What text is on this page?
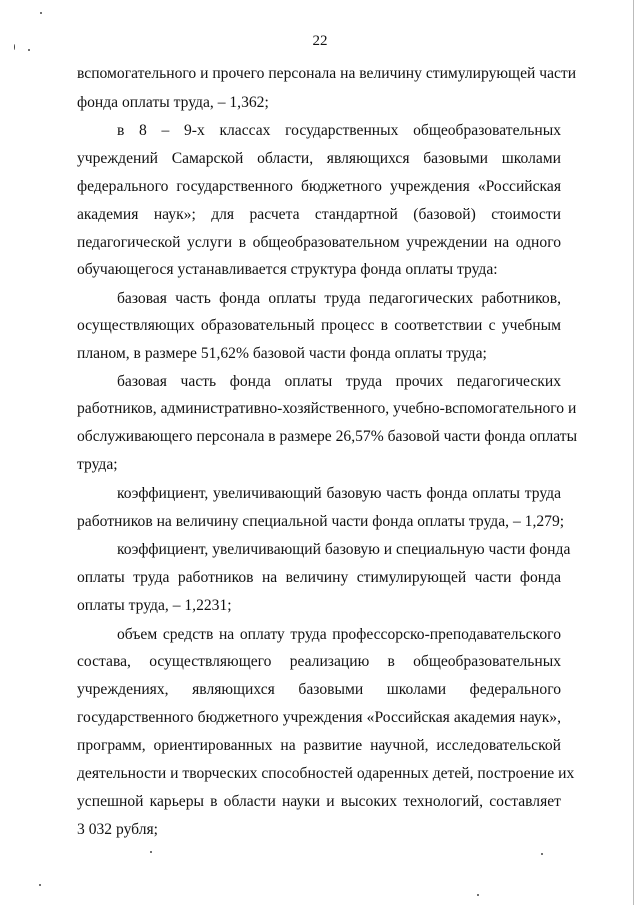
22
вспомогательного и прочего персонала на величину стимулирующей части
фонда оплаты труда, – 1,362;
в 8 – 9-х классах государственных общеобразовательных
учреждений Самарской области, являющихся базовыми школами
федерального государственного бюджетного учреждения «Российская
академия наук»; для расчета стандартной (базовой) стоимости
педагогической услуги в общеобразовательном учреждении на одного
обучающегося устанавливается структура фонда оплаты труда:
базовая часть фонда оплаты труда педагогических работников,
осуществляющих образовательный процесс в соответствии с учебным
планом, в размере 51,62% базовой части фонда оплаты труда;
базовая часть фонда оплаты труда прочих педагогических
работников, административно-хозяйственного, учебно-вспомогательного и
обслуживающего персонала в размере 26,57% базовой части фонда оплаты
труда;
коэффициент, увеличивающий базовую часть фонда оплаты труда
работников на величину специальной части фонда оплаты труда, – 1,279;
коэффициент, увеличивающий базовую и специальную части фонда
оплаты труда работников на величину стимулирующей части фонда
оплаты труда, – 1,2231;
объем средств на оплату труда профессорско-преподавательского
состава, осуществляющего реализацию в общеобразовательных
учреждениях, являющихся базовыми школами федерального
государственного бюджетного учреждения «Российская академия наук»,
программ, ориентированных на развитие научной, исследовательской
деятельности и творческих способностей одаренных детей, построение их
успешной карьеры в области науки и высоких технологий, составляет
3 032 рубля;
